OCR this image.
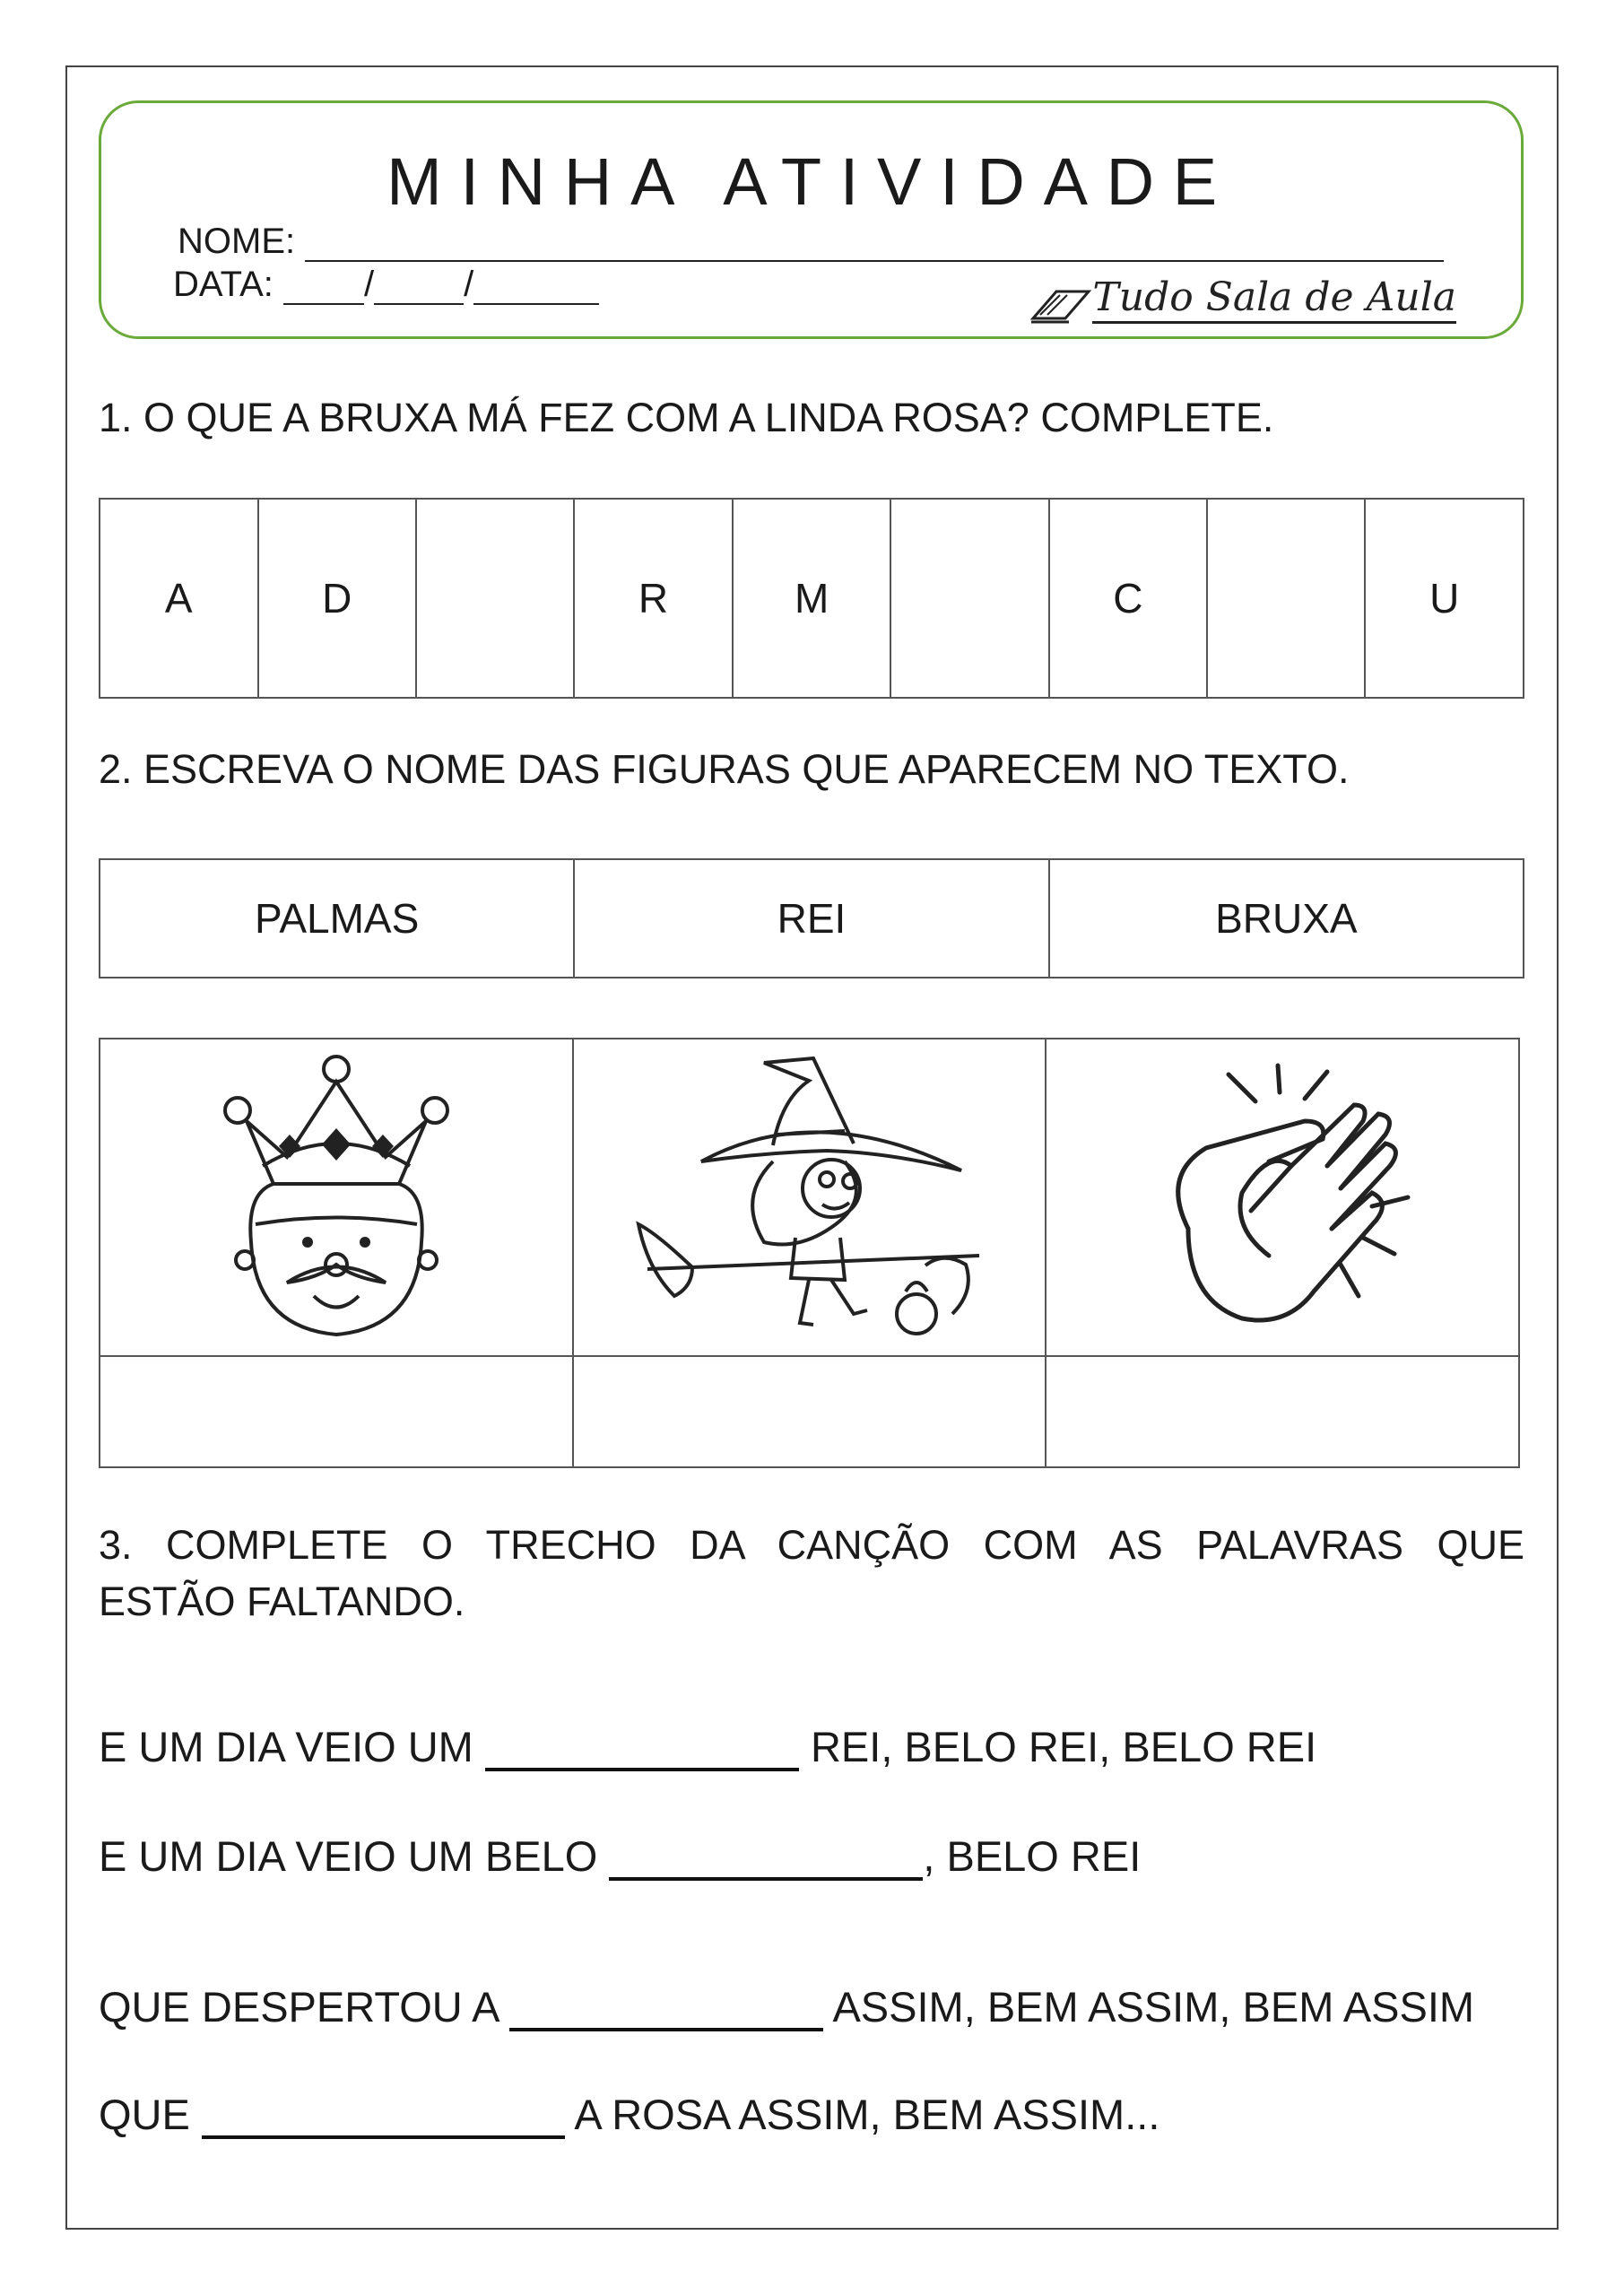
MINHA ATIVIDADE
NOME:
DATA:	/	/	Tudo Sala de Aula
1. O QUE A BRUXA MÁ FEZ COM A LINDA ROSA? COMPLETE.
A	D		R	M		C		U
2. ESCREVA O NOME DAS FIGURAS QUE APARECEM NO TEXTO.
PALMAS	REI	BRUXA

3. COMPLETE O TRECHO DA CANÇÃO COM AS PALAVRAS QUE
ESTÃO FALTANDO.
E UM DIA VEIO UM	REI, BELO REI, BELO REI
E UM DIA VEIO UM BELO	, BELO REI
QUE DESPERTOU A	ASSIM, BEM ASSIM, BEM ASSIM
QUE	A ROSA ASSIM, BEM ASSIM...
